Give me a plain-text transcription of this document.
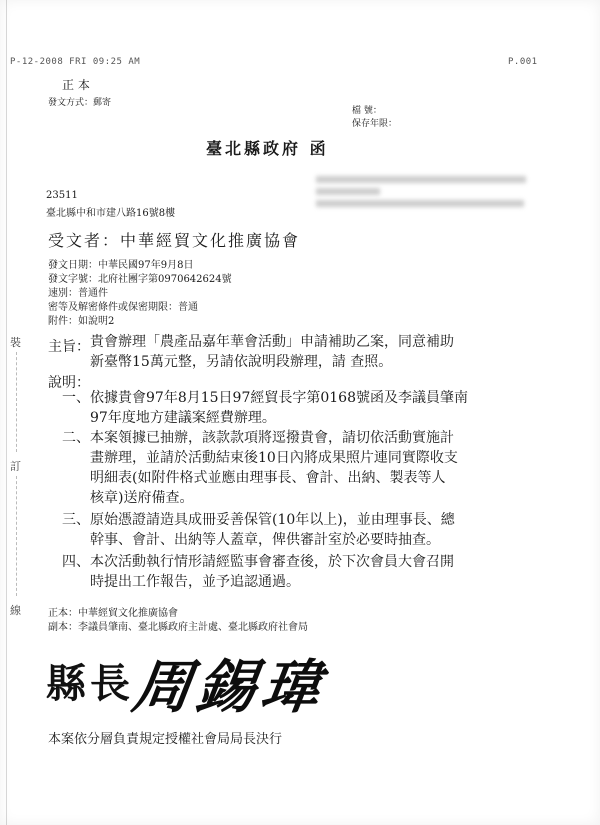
P-12-2008 FRI 09:25 AM	P.001
正 本
發文方式：郵寄
檔 號：
保存年限：
臺北縣政府 函
23511
臺北縣中和市建八路16號8樓
受文者：中華經貿文化推廣協會
發文日期：中華民國97年9月8日
發文字號：北府社團字第0970642624號
速別：普通件
密等及解密條件或保密期限：普通
附件：如說明2
主旨： 貴會辦理「農產品嘉年華會活動」申請補助乙案，同意補助
新臺幣15萬元整，另請依說明段辦理，請 查照。
說明：
一、 依據貴會97年8月15日97經貿長字第0168號函及李議員肇南
97年度地方建議案經費辦理。
二、 本案領據已抽辦，該款款項將逕撥貴會，請切依活動實施計
畫辦理，並請於活動結束後10日內將成果照片連同實際收支
明細表(如附件格式並應由理事長、會計、出納、製表等人
核章)送府備查。
三、 原始憑證請造具成冊妥善保管(10年以上)，並由理事長、總
幹事、會計、出納等人蓋章，俾供審計室於必要時抽查。
四、 本次活動執行情形請經監事會審查後，於下次會員大會召開
時提出工作報告，並予追認通過。
正本：中華經貿文化推廣協會
副本：李議員肇南、臺北縣政府主計處、臺北縣政府社會局
裝
訂
線
縣長
周錫瑋
本案依分層負責規定授權社會局局長決行
